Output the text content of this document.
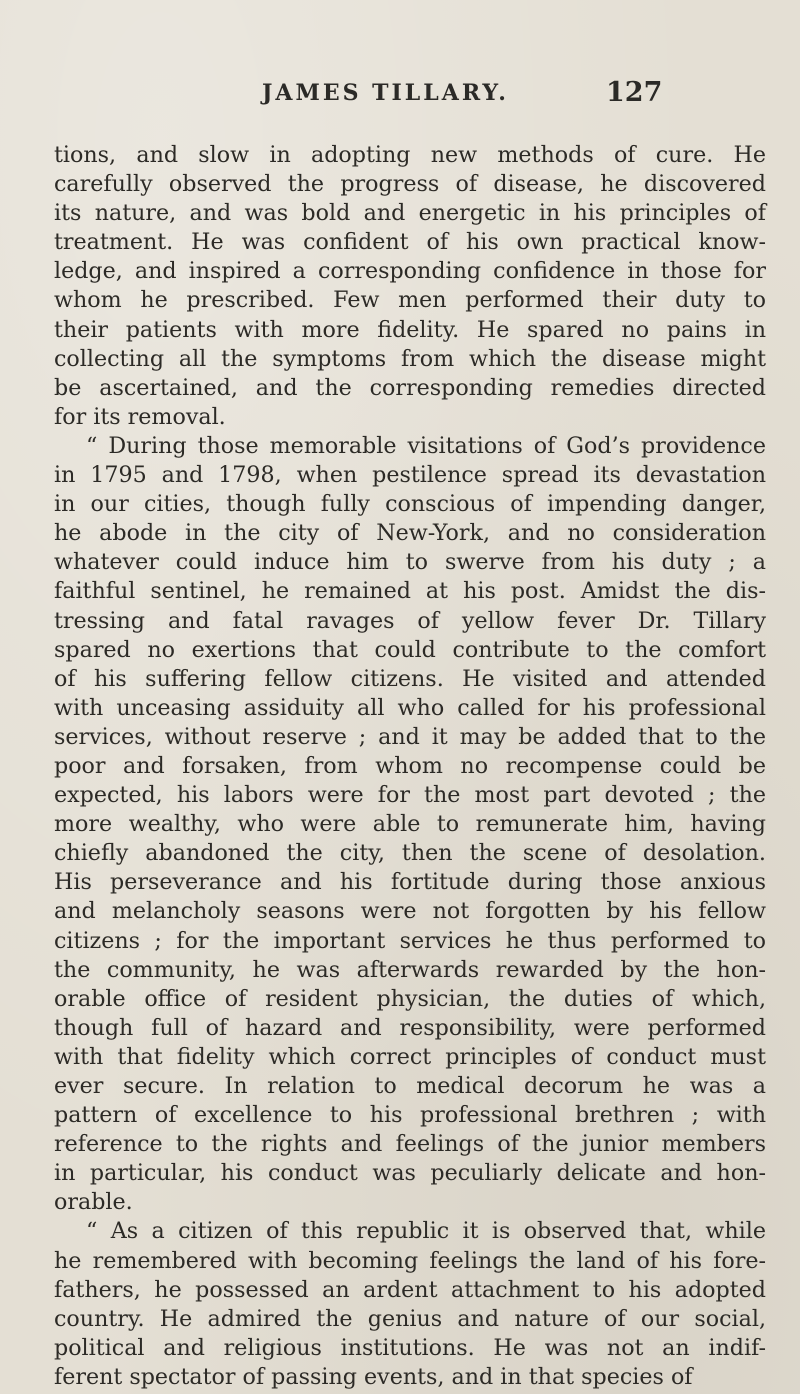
JAMES TILLARY.	127

tions, and slow in adopting new methods of cure. He
carefully observed the progress of disease, he discovered
its nature, and was bold and energetic in his principles of
treatment. He was confident of his own practical know-
ledge, and inspired a corresponding confidence in those for
whom he prescribed. Few men performed their duty to
their patients with more fidelity. He spared no pains in
collecting all the symptoms from which the disease might
be ascertained, and the corresponding remedies directed
for its removal.

“ During those memorable visitations of God’s providence
in 1795 and 1798, when pestilence spread its devastation
in our cities, though fully conscious of impending danger,
he abode in the city of New-York, and no consideration
whatever could induce him to swerve from his duty ; a
faithful sentinel, he remained at his post. Amidst the dis-
tressing and fatal ravages of yellow fever Dr. Tillary
spared no exertions that could contribute to the comfort
of his suffering fellow citizens. He visited and attended
with unceasing assiduity all who called for his professional
services, without reserve ; and it may be added that to the
poor and forsaken, from whom no recompense could be
expected, his labors were for the most part devoted ; the
more wealthy, who were able to remunerate him, having
chiefly abandoned the city, then the scene of desolation.
His perseverance and his fortitude during those anxious
and melancholy seasons were not forgotten by his fellow
citizens ; for the important services he thus performed to
the community, he was afterwards rewarded by the hon-
orable office of resident physician, the duties of which,
though full of hazard and responsibility, were performed
with that fidelity which correct principles of conduct must
ever secure. In relation to medical decorum he was a
pattern of excellence to his professional brethren ; with
reference to the rights and feelings of the junior members
in particular, his conduct was peculiarly delicate and hon-
orable.

“ As a citizen of this republic it is observed that, while
he remembered with becoming feelings the land of his fore-
fathers, he possessed an ardent attachment to his adopted
country. He admired the genius and nature of our social,
political and religious institutions. He was not an indif-
ferent spectator of passing events, and in that species of
